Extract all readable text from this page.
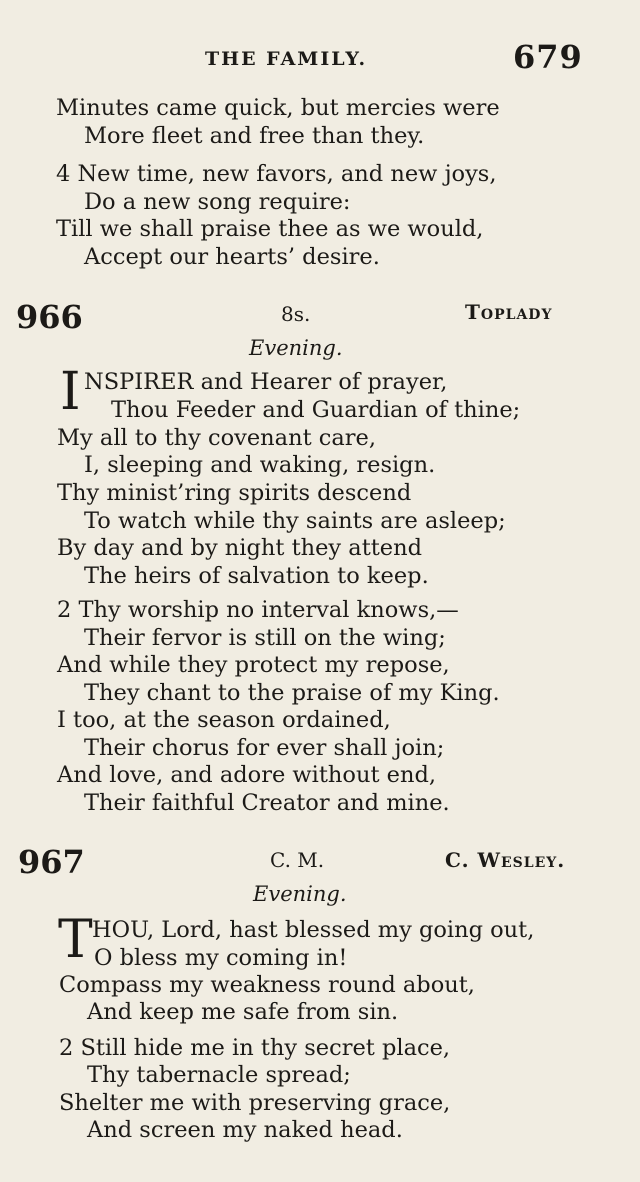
THE FAMILY.	679
Minutes came quick, but mercies were
More fleet and free than they.
4 New time, new favors, and new joys,
Do a new song require:
Till we shall praise thee as we would,
Accept our hearts’ desire.
966	8s.	Toplady
Evening.
I NSPIRER and Hearer of prayer,
Thou Feeder and Guardian of thine;
My all to thy covenant care,
I, sleeping and waking, resign.
Thy minist’ring spirits descend
To watch while thy saints are asleep;
By day and by night they attend
The heirs of salvation to keep.
2 Thy worship no interval knows,—
Their fervor is still on the wing;
And while they protect my repose,
They chant to the praise of my King.
I too, at the season ordained,
Their chorus for ever shall join;
And love, and adore without end,
Their faithful Creator and mine.
967	C. M.	C. Wesley.
Evening.
T HOU, Lord, hast blessed my going out,
O bless my coming in!
Compass my weakness round about,
And keep me safe from sin.
2 Still hide me in thy secret place,
Thy tabernacle spread;
Shelter me with preserving grace,
And screen my naked head.
